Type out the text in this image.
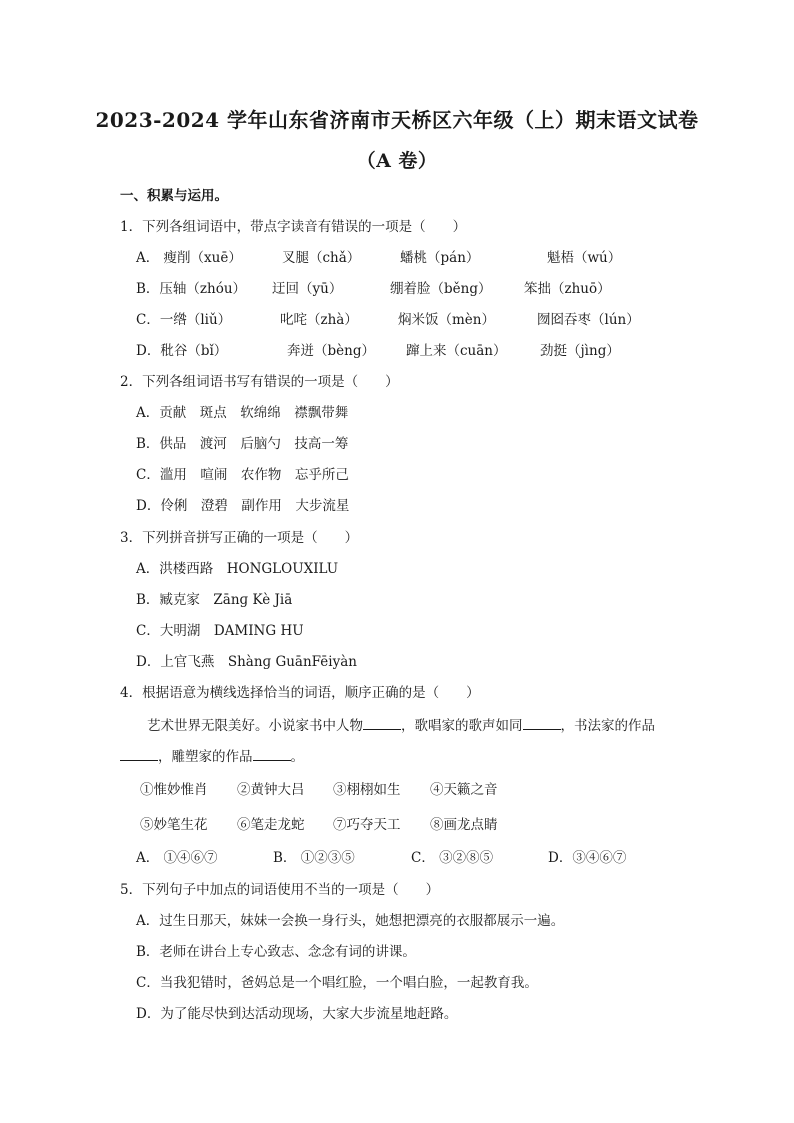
2023-2024 学年山东省济南市天桥区六年级（上）期末语文试卷
（A 卷）
一、积累与运用。
1．下列各组词语中，带点字读音有错误的一项是（　　）
A． 瘦削（xuē）	叉腿（chǎ）	蟠桃（pán）	魁梧（wú）
B．压轴（zhóu） 迂回（yū）	绷着脸（běng） 笨拙（zhuō）
C．一绺（liǔ）	叱咤（zhà）	焖米饭（mèn）	囫囵吞枣（lún）
D．秕谷（bǐ）	奔迸（bèng） 蹿上来（cuān） 劲挺（jìng）
2．下列各组词语书写有错误的一项是（　　）
A．贡献　斑点　软绵绵　襟飘带舞
B．供品　渡河　后脑勺　技高一筹
C．滥用　喧闹　农作物　忘乎所己
D．伶俐　澄碧　副作用　大步流星
3．下列拼音拼写正确的一项是（　　）
A．洪楼西路　HONGLOUXILU
B．臧克家　Zānɡ Kè Jiā
C．大明湖　DAMING HU
D．上官飞燕　Shànɡ GuānFēiyàn
4．根据语意为横线选择恰当的词语，顺序正确的是（　　）
艺术世界无限美好。小说家书中人物	，歌唱家的歌声如同	，书法家的作品
，雕塑家的作品	。
①惟妙惟肖 ②黄钟大吕 ③栩栩如生 ④天籁之音
⑤妙笔生花 ⑥笔走龙蛇 ⑦巧夺天工 ⑧画龙点睛
A． ①④⑥⑦	B． ①②③⑤	C． ③②⑧⑤	D．③④⑥⑦
5．下列句子中加点的词语使用不当的一项是（　　）
A．过生日那天，妹妹一会换一身行头，她想把漂亮的衣服都展示一遍。
B．老师在讲台上专心致志、念念有词的讲课。
C．当我犯错时，爸妈总是一个唱红脸，一个唱白脸，一起教育我。
D．为了能尽快到达活动现场，大家大步流星地赶路。
